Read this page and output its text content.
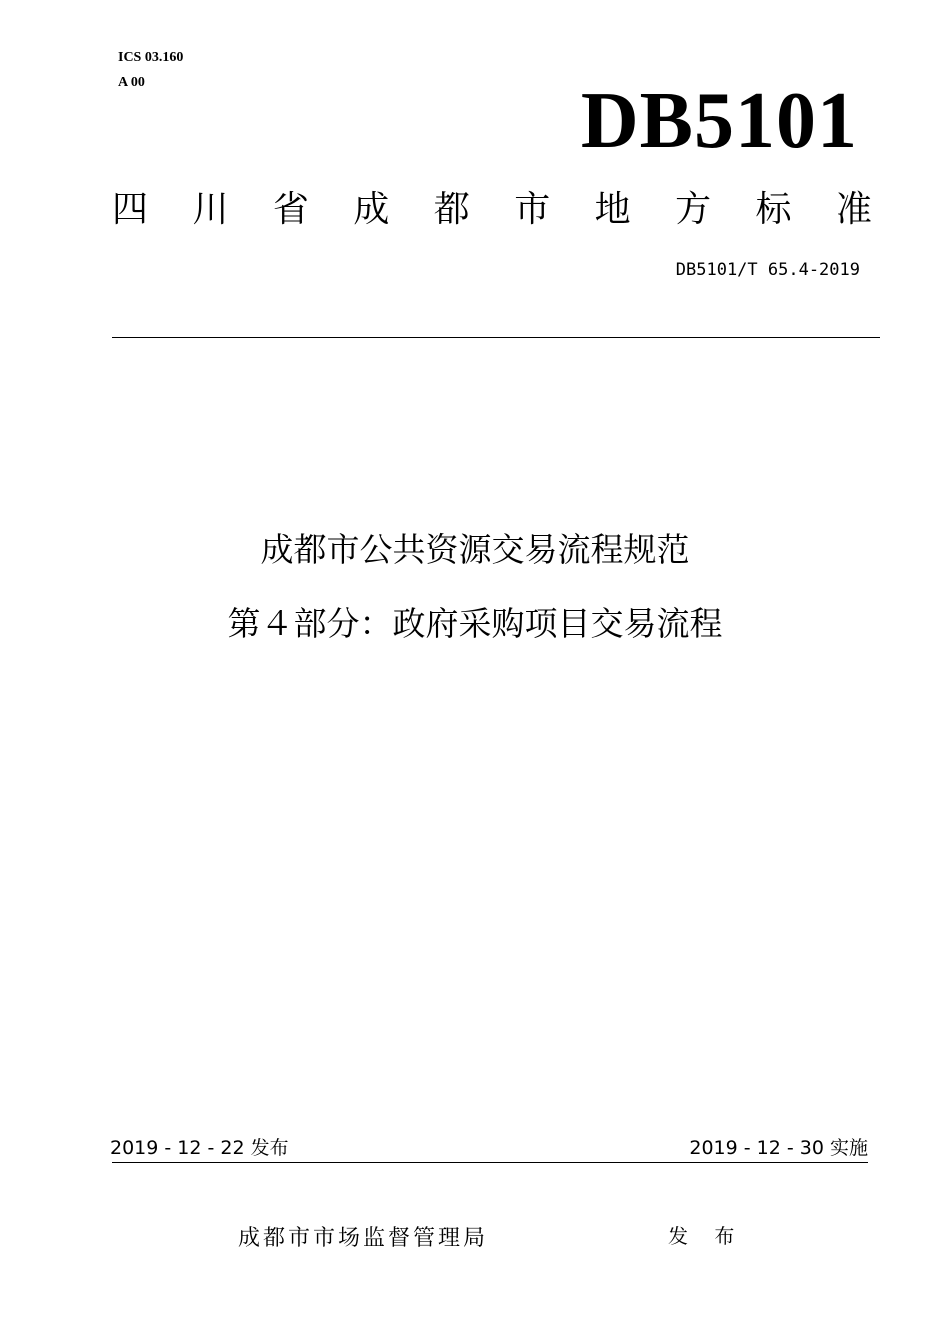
ICS 03.160
A 00	DB5101
四 川 省 成 都 市 地 方 标 准
DB5101/T 65.4-2019
成都市公共资源交易流程规范
第４部分：政府采购项目交易流程
2019 - 12 - 22 发布	2019 - 12 - 30 实施
成都市市场监督管理局	发 布
